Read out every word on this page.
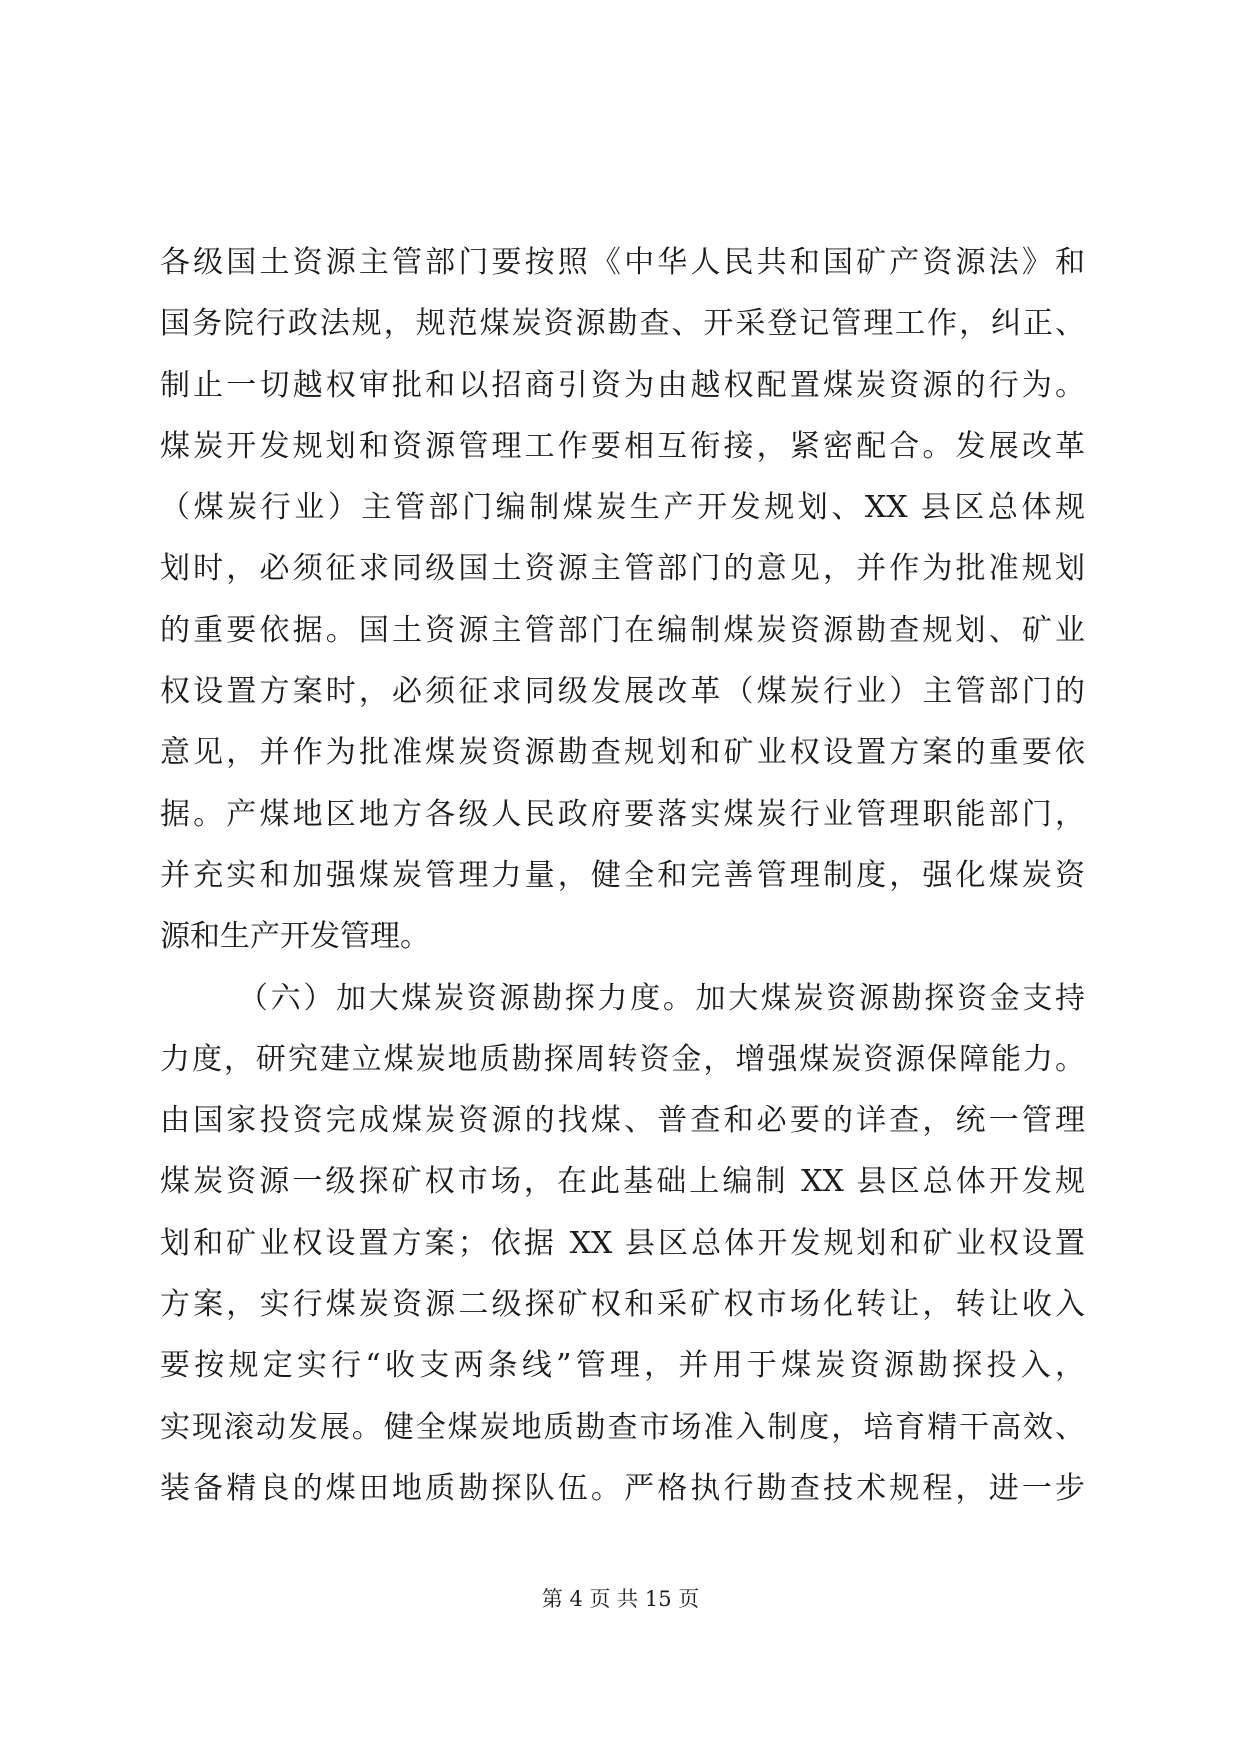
各级国土资源主管部门要按照《中华人民共和国矿产资源法》和
国务院行政法规，规范煤炭资源勘查、开采登记管理工作，纠正、
制止一切越权审批和以招商引资为由越权配置煤炭资源的行为。
煤炭开发规划和资源管理工作要相互衔接，紧密配合。发展改革
（煤炭行业）主管部门编制煤炭生产开发规划、XX 县区总体规
划时，必须征求同级国土资源主管部门的意见，并作为批准规划
的重要依据。国土资源主管部门在编制煤炭资源勘查规划、矿业
权设置方案时，必须征求同级发展改革（煤炭行业）主管部门的
意见，并作为批准煤炭资源勘查规划和矿业权设置方案的重要依
据。产煤地区地方各级人民政府要落实煤炭行业管理职能部门，
并充实和加强煤炭管理力量，健全和完善管理制度，强化煤炭资
源和生产开发管理。
（六）加大煤炭资源勘探力度。加大煤炭资源勘探资金支持
力度，研究建立煤炭地质勘探周转资金，增强煤炭资源保障能力。
由国家投资完成煤炭资源的找煤、普查和必要的详查，统一管理
煤炭资源一级探矿权市场，在此基础上编制 XX 县区总体开发规
划和矿业权设置方案；依据 XX 县区总体开发规划和矿业权设置
方案，实行煤炭资源二级探矿权和采矿权市场化转让，转让收入
要按规定实行“收支两条线”管理，并用于煤炭资源勘探投入，
实现滚动发展。健全煤炭地质勘查市场准入制度，培育精干高效、
装备精良的煤田地质勘探队伍。严格执行勘查技术规程，进一步
第 4 页 共 15 页
